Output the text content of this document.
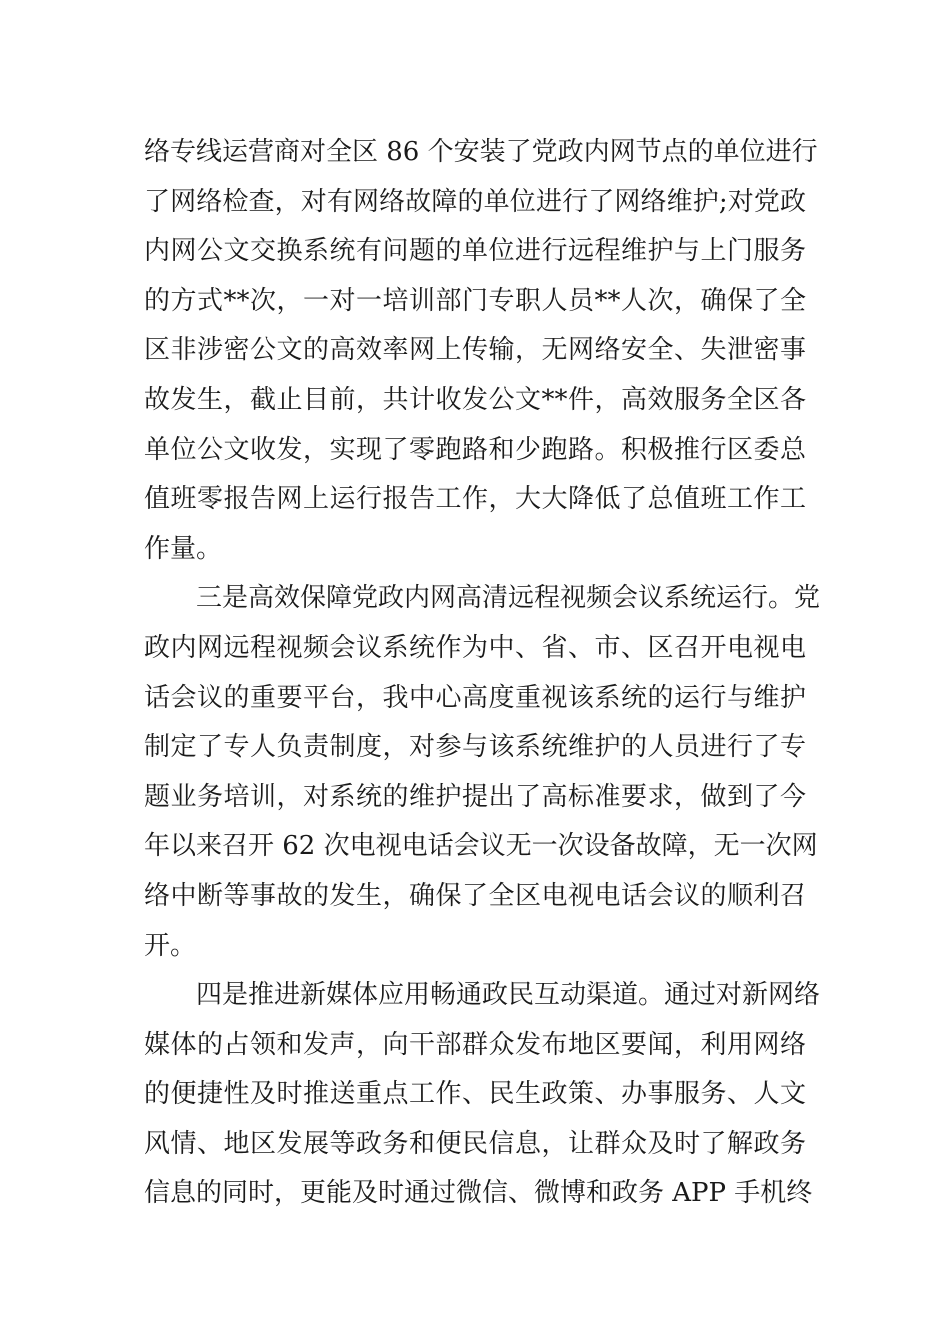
络专线运营商对全区 86 个安装了党政内网节点的单位进行
了网络检查，对有网络故障的单位进行了网络维护;对党政
内网公文交换系统有问题的单位进行远程维护与上门服务
的方式**次，一对一培训部门专职人员**人次，确保了全
区非涉密公文的高效率网上传输，无网络安全、失泄密事
故发生，截止目前，共计收发公文**件，高效服务全区各
单位公文收发，实现了零跑路和少跑路。积极推行区委总
值班零报告网上运行报告工作，大大降低了总值班工作工
作量。
三是高效保障党政内网高清远程视频会议系统运行。党
政内网远程视频会议系统作为中、省、市、区召开电视电
话会议的重要平台，我中心高度重视该系统的运行与维护
制定了专人负责制度，对参与该系统维护的人员进行了专
题业务培训，对系统的维护提出了高标准要求，做到了今
年以来召开 62 次电视电话会议无一次设备故障，无一次网
络中断等事故的发生，确保了全区电视电话会议的顺利召
开。
四是推进新媒体应用畅通政民互动渠道。通过对新网络
媒体的占领和发声，向干部群众发布地区要闻，利用网络
的便捷性及时推送重点工作、民生政策、办事服务、人文
风情、地区发展等政务和便民信息，让群众及时了解政务
信息的同时，更能及时通过微信、微博和政务 APP 手机终
